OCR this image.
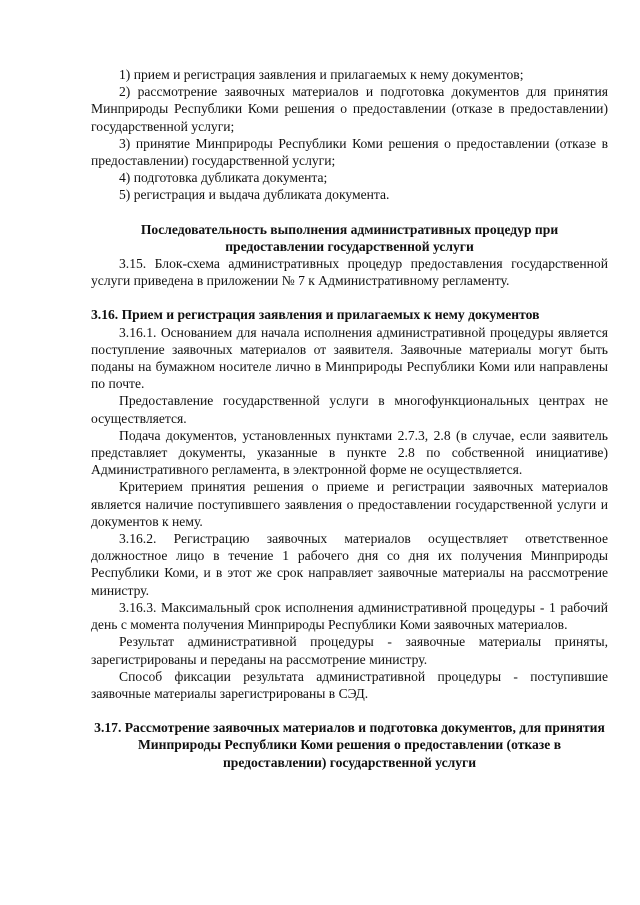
1) прием и регистрация заявления и прилагаемых к нему документов;

2) рассмотрение заявочных материалов и подготовка документов для принятия Минприроды Республики Коми решения о предоставлении (отказе в предоставлении) государственной услуги;

3) принятие Минприроды Республики Коми решения о предоставлении (отказе в предоставлении) государственной услуги;

4) подготовка дубликата документа;

5) регистрация и выдача дубликата документа.

Последовательность выполнения административных процедур при предоставлении государственной услуги

3.15. Блок-схема административных процедур предоставления государственной услуги приведена в приложении № 7 к Административному регламенту.

3.16. Прием и регистрация заявления и прилагаемых к нему документов

3.16.1. Основанием для начала исполнения административной процедуры является поступление заявочных материалов от заявителя. Заявочные материалы могут быть поданы на бумажном носителе лично в Минприроды Республики Коми или направлены по почте.

Предоставление государственной услуги в многофункциональных центрах не осуществляется.

Подача документов, установленных пунктами 2.7.3, 2.8 (в случае, если заявитель представляет документы, указанные в пункте 2.8 по собственной инициативе) Административного регламента, в электронной форме не осуществляется.

Критерием принятия решения о приеме и регистрации заявочных материалов является наличие поступившего заявления о предоставлении государственной услуги и документов к нему.

3.16.2. Регистрацию заявочных материалов осуществляет ответственное должностное лицо в течение 1 рабочего дня со дня их получения Минприроды Республики Коми, и в этот же срок направляет заявочные материалы на рассмотрение министру.

3.16.3. Максимальный срок исполнения административной процедуры - 1 рабочий день с момента получения Минприроды Республики Коми заявочных материалов.

Результат административной процедуры - заявочные материалы приняты, зарегистрированы и переданы на рассмотрение министру.

Способ фиксации результата административной процедуры - поступившие заявочные материалы зарегистрированы в СЭД.

3.17. Рассмотрение заявочных материалов и подготовка документов, для принятия Минприроды Республики Коми решения о предоставлении (отказе в предоставлении) государственной услуги
